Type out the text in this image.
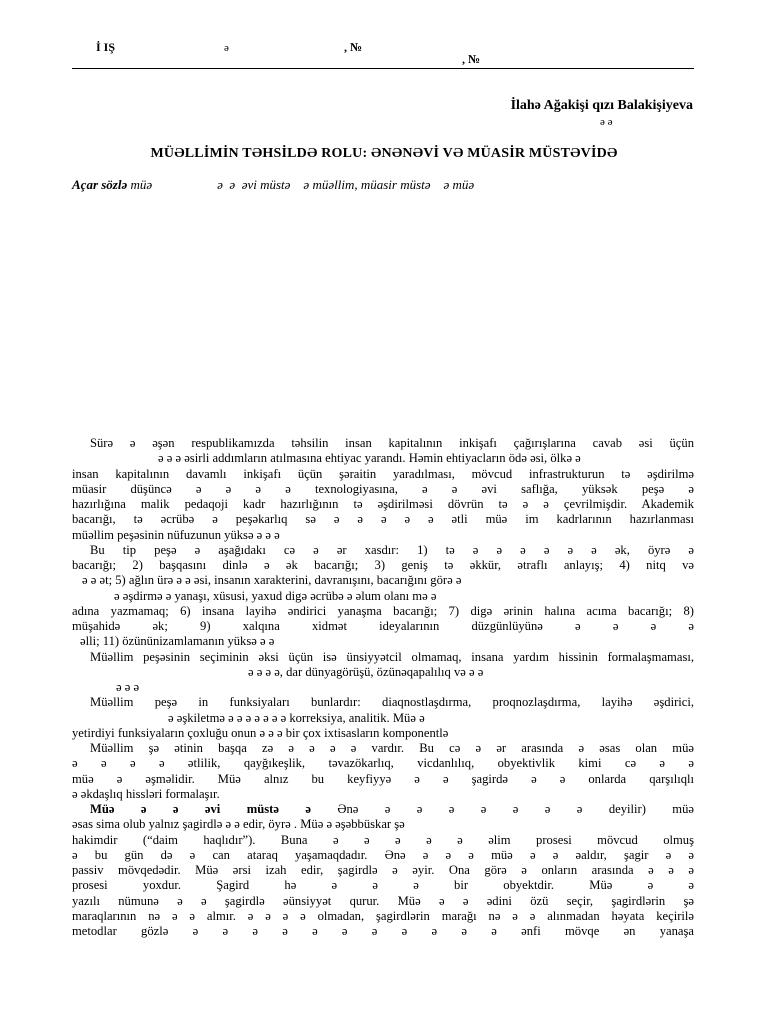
İ IŞ	ə	, №
, №
İlahə Ağakişi qızı Balakişiyeva
ə ə
MÜƏLLİMİN TƏHSİLDƏ ROLU: ƏNƏNƏVİ VƏ MÜASİR MÜSTƏVİDƏ
Açar sözlə müə                    ə  ə  əvi müstə    ə müəllim, müasir müstə    ə müə
Sürə ə əşən respublikamızda təhsilin insan kapitalının inkişafı çağırışlarına cavab əsi üçün
ə ə ə əsirli addımların atılmasına ehtiyac yarandı. Həmin ehtiyacların ödə əsi, ölkə ə
insan kapitalının davamlı inkişafı üçün şəraitin yaradılması, mövcud infrastrukturun tə əşdirilmə
müasir düşüncə ə ə ə ə texnologiyasına, ə ə əvi saflığa, yüksək peşə ə
hazırlığına malik pedaqoji kadr hazırlığının tə əşdirilməsi dövrün tə ə ə çevrilmişdir. Akademik
bacarığı, tə əcrübə ə peşəkarlıq sə ə ə ə ə ə ətli müə im kadrlarının hazırlanması
müəllim peşəsinin nüfuzunun yüksə ə ə ə
Bu tip peşə ə aşağıdakı cə ə ər xasdır: 1) tə ə ə ə ə ə ə ək, öyrə ə
bacarığı; 2) başqasını dinlə ə ək bacarığı; 3) geniş tə əkkür, ətraflı anlayış; 4) nitq və
ə ə ət; 5) ağlın ürə ə ə əsi, insanın xarakterini, davranışını, bacarığını görə ə
ə əşdirmə ə yanaşı, xüsusi, yaxud digə əcrübə ə əlum olanı mə ə
adına yazmamaq; 6) insana layihə əndirici yanaşma bacarığı; 7) digə ərinin halına acıma bacarığı; 8)
müşahidə ək; 9) xalqına xidmət ideyalarının düzgünlüyünə ə ə ə ə
əlli; 11) özününizamlamanın yüksə ə ə
Müəllim peşəsinin seçiminin əksi üçün isə ünsiyyətcil olmamaq, insana yardım hissinin formalaşmaması,
ə ə ə ə, dar dünyagörüşü, özünəqapalılıq və ə ə
ə ə ə
Müəllim peşə in funksiyaları bunlardır: diaqnostlaşdırma, proqnozlaşdırma, layihə əşdirici,
ə əşkiletmə ə ə ə ə ə ə ə korreksiya, analitik. Müə ə
yetirdiyi funksiyaların çoxluğu onun ə ə ə bir çox ixtisasların komponentlə
Müəllim şə ətinin başqa zə ə ə ə ə vardır. Bu cə ə ər arasında ə əsas olan müə
ə ə ə ə ətlilik, qayğıkeşlik, təvazökarlıq, vicdanlılıq, obyektivlik kimi cə ə ə
müə ə əşməlidir. Müə alnız bu keyfiyyə ə ə şagirdə ə ə onlarda qarşılıqlı
ə əkdaşlıq hissləri formalaşır.
Müə ə ə əvi müstə ə Ənə ə ə ə ə ə ə ə deyilir) müə
əsas sima olub yalnız şagirdlə ə ə edir, öyrə . Müə ə əşəbbüskar şə
hakimdir (“daim haqlıdır”). Buna ə ə ə ə ə əlim prosesi mövcud olmuş
ə bu gün də ə can ataraq yaşamaqdadır. Ənə ə ə ə müə ə ə əaldır, şagir ə ə
passiv mövqedədir. Müə ərsi izah edir, şagirdlə ə əyir. Ona görə ə onların arasında ə ə ə
prosesi yoxdur. Şagird hə ə ə ə bir obyektdir. Müə ə ə
yazılı nümunə ə ə şagirdlə əünsiyyət qurur. Müə ə ə ədini özü seçir, şagirdlərin şə
maraqlarının nə ə ə almır. ə ə ə ə olmadan, şagirdlərin marağı nə ə ə alınmadan həyata keçirilə
metodlar gözlə ə ə ə ə ə ə ə ə ə ə ə ənfi mövqe ən yanaşa
